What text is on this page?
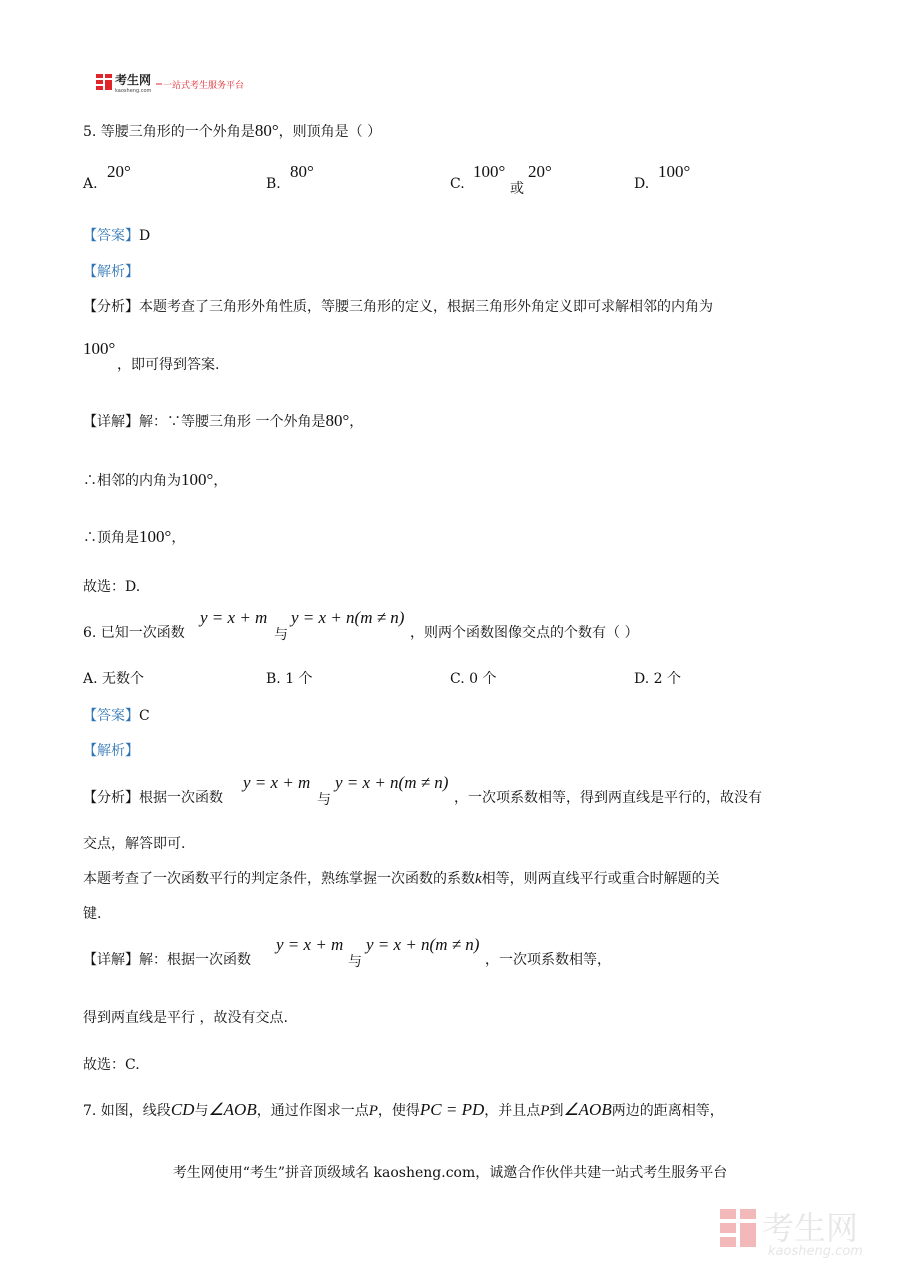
考生网
kaosheng.com 一站式考生服务平台
5. 等腰三角形的一个外角是80°，则顶角是（ ）
A.
20°
B.
80°
C.
100°
或
20°
D.
100°
【答案】D
【解析】
【分析】本题考查了三角形外角性质，等腰三角形的定义，根据三角形外角定义即可求解相邻的内角为
100°
，即可得到答案.
【详解】解：∵等腰三角形 一个外角是80°，
∴相邻的内角为100°，
∴顶角是100°，
故选：D.
6. 已知一次函数
y = x + m
与
y = x + n(m ≠ n)
，则两个函数图像交点的个数有（ ）
A. 无数个	B. 1 个	C. 0 个	D. 2 个
【答案】C
【解析】
【分析】根据一次函数
y = x + m
与
y = x + n(m ≠ n)
，一次项系数相等，得到两直线是平行的，故没有
交点，解答即可.
本题考查了一次函数平行的判定条件，熟练掌握一次函数的系数k相等，则两直线平行或重合时解题的关
键.
【详解】解：根据一次函数
y = x + m
与
y = x + n(m ≠ n)
，一次项系数相等，
得到两直线是平行 ，故没有交点.
故选：C.
7. 如图，线段CD与∠AOB，通过作图求一点P，使得PC = PD，并且点P到∠AOB两边的距离相等，
考生网使用“考生”拼音顶级域名 kaosheng.com，诚邀合作伙伴共建一站式考生服务平台
考生网
kaosheng.com
